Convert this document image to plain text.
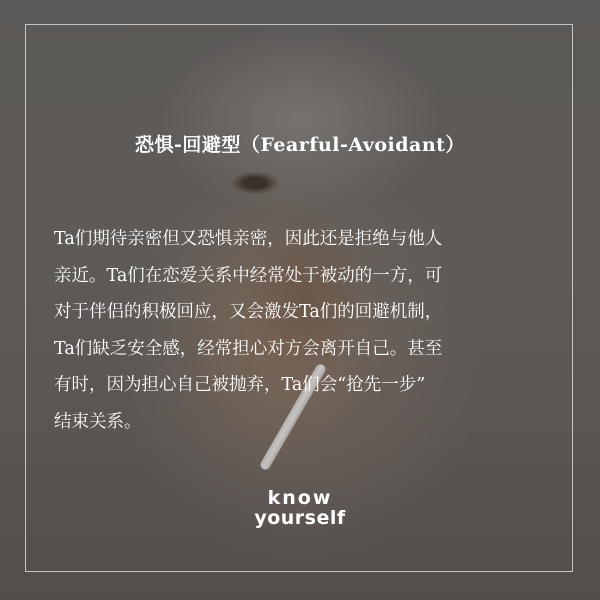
恐惧-回避型（Fearful-Avoidant）
Ta们期待亲密但又恐惧亲密，因此还是拒绝与他人
亲近。Ta们在恋爱关系中经常处于被动的一方，可
对于伴侣的积极回应，又会激发Ta们的回避机制，
Ta们缺乏安全感，经常担心对方会离开自己。甚至
有时，因为担心自己被抛弃，Ta们会“抢先一步”
结束关系。
know
yourself
